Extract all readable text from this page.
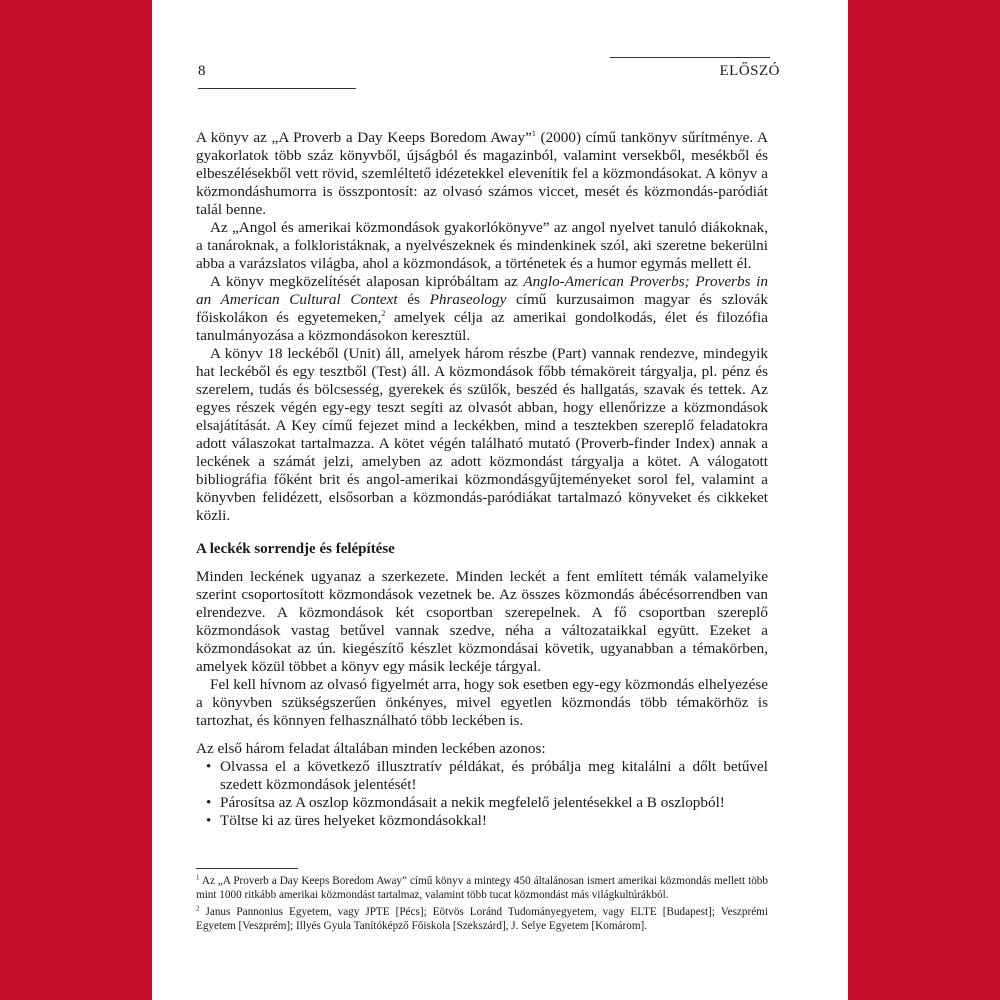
8	ELŐSZÓ

A könyv az „A Proverb a Day Keeps Boredom Away”$^1$ (2000) című tankönyv sűrítménye. A gyakorlatok több száz könyvből, újságból és magazinból, valamint versekből, mesékből és elbeszélésekből vett rövid, szemléltető idézetekkel elevenítik fel a közmondásokat. A könyv a közmondáshumorra is összpontosít: az olvasó számos viccet, mesét és közmondás-paródiát talál benne.

Az „Angol és amerikai közmondások gyakorlókönyve” az angol nyelvet tanuló diákoknak, a tanároknak, a folkloristáknak, a nyelvészeknek és mindenkinek szól, aki szeretne bekerülni abba a varázslatos világba, ahol a közmondások, a történetek és a humor egymás mellett él.

A könyv megközelítését alaposan kipróbáltam az Anglo-American Proverbs; Proverbs in an American Cultural Context és Phraseology című kurzusaimon magyar és szlovák főiskolákon és egyetemeken,$^2$ amelyek célja az amerikai gondolkodás, élet és filozófia tanulmányozása a közmondásokon keresztül.

A könyv 18 leckéből (Unit) áll, amelyek három részbe (Part) vannak rendezve, mindegyik hat leckéből és egy tesztből (Test) áll. A közmondások főbb témaköreit tárgyalja, pl. pénz és szerelem, tudás és bölcsesség, gyerekek és szülők, beszéd és hallgatás, szavak és tettek. Az egyes részek végén egy-egy teszt segíti az olvasót abban, hogy ellenőrizze a közmondások elsajátítását. A Key című fejezet mind a leckékben, mind a tesztekben szereplő feladatokra adott válaszokat tartalmazza. A kötet végén található mutató (Proverb-finder Index) annak a leckének a számát jelzi, amelyben az adott közmondást tárgyalja a kötet. A válogatott bibliográfia főként brit és angol-amerikai közmondásgyűjteményeket sorol fel, valamint a könyvben felidézett, elsősorban a közmondás-paródiákat tartalmazó könyveket és cikkeket közli.

A leckék sorrendje és felépítése

Minden leckének ugyanaz a szerkezete. Minden leckét a fent említett témák valamelyike szerint csoportosított közmondások vezetnek be. Az összes közmondás ábécésorrendben van elrendezve. A közmondások két csoportban szerepelnek. A fő csoportban szereplő közmondások vastag betűvel vannak szedve, néha a változataikkal együtt. Ezeket a közmondásokat az ún. kiegészítő készlet közmondásai követik, ugyanabban a témakörben, amelyek közül többet a könyv egy másik leckéje tárgyal.

Fel kell hívnom az olvasó figyelmét arra, hogy sok esetben egy-egy közmondás elhelyezése a könyvben szükségszerűen önkényes, mivel egyetlen közmondás több témakörhöz is tartozhat, és könnyen felhasználható több leckében is.

Az első három feladat általában minden leckében azonos:

• Olvassa el a következő illusztratív példákat, és próbálja meg kitalálni a dőlt betűvel szedett közmondások jelentését!
• Párosítsa az A oszlop közmondásait a nekik megfelelő jelentésekkel a B oszlopból!
• Töltse ki az üres helyeket közmondásokkal!

$^1$ Az „A Proverb a Day Keeps Boredom Away” című könyv a mintegy 450 általánosan ismert amerikai közmondás mellett több mint 1000 ritkább amerikai közmondást tartalmaz, valamint több tucat közmondást más világkultúrákból.

$^2$ Janus Pannonius Egyetem, vagy JPTE [Pécs]; Eötvös Loránd Tudományegyetem, vagy ELTE [Budapest]; Veszprémi Egyetem [Veszprém]; Illyés Gyula Tanítóképző Főiskola [Szekszárd], J. Selye Egyetem [Komárom].
